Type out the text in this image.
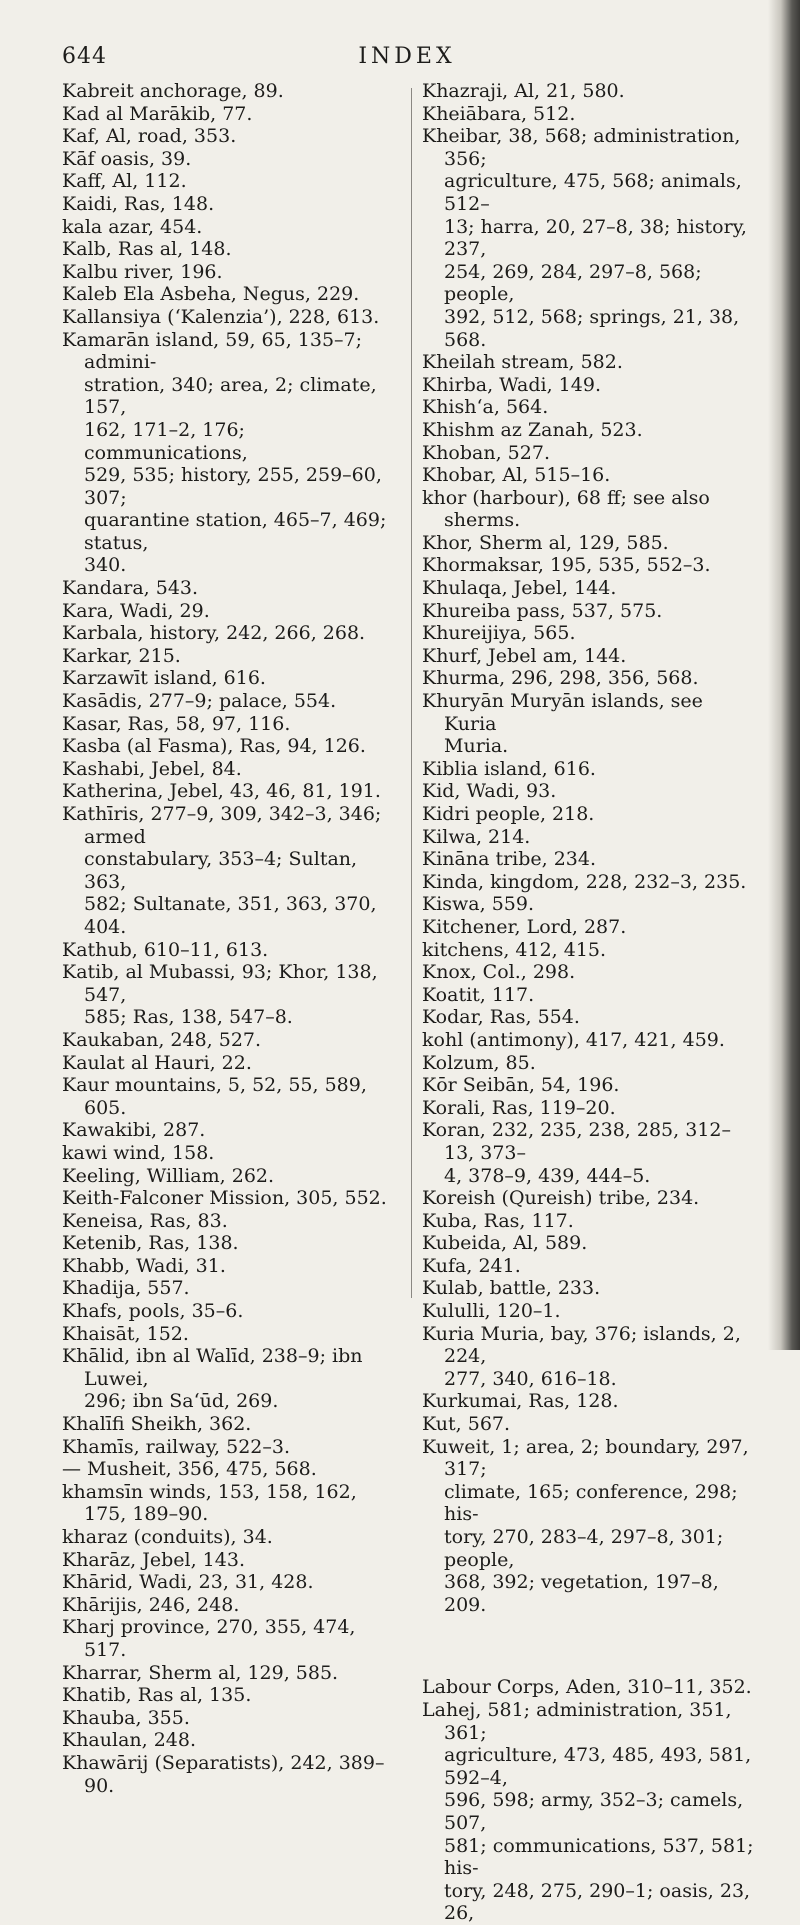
644	INDEX

Kabreit anchorage, 89.

Kad al Marākib, 77.

Kaf, Al, road, 353.

Kāf oasis, 39.

Kaff, Al, 112.

Kaidi, Ras, 148.

kala azar, 454.

Kalb, Ras al, 148.

Kalbu river, 196.

Kaleb Ela Asbeha, Negus, 229.

Kallansiya (‘Kalenzia’), 228, 613.

Kamarān island, 59, 65, 135–7; admini-
stration, 340; area, 2; climate, 157,
162, 171–2, 176; communications,
529, 535; history, 255, 259–60, 307;
quarantine station, 465–7, 469; status,
340.

Kandara, 543.

Kara, Wadi, 29.

Karbala, history, 242, 266, 268.

Karkar, 215.

Karzawīt island, 616.

Kasādis, 277–9; palace, 554.

Kasar, Ras, 58, 97, 116.

Kasba (al Fasma), Ras, 94, 126.

Kashabi, Jebel, 84.

Katherina, Jebel, 43, 46, 81, 191.

Kathīris, 277–9, 309, 342–3, 346; armed
constabulary, 353–4; Sultan, 363,
582; Sultanate, 351, 363, 370, 404.

Kathub, 610–11, 613.

Katib, al Mubassi, 93; Khor, 138, 547,
585; Ras, 138, 547–8.

Kaukaban, 248, 527.

Kaulat al Hauri, 22.

Kaur mountains, 5, 52, 55, 589, 605.

Kawakibi, 287.

kawi wind, 158.

Keeling, William, 262.

Keith-Falconer Mission, 305, 552.

Keneisa, Ras, 83.

Ketenib, Ras, 138.

Khabb, Wadi, 31.

Khadija, 557.

Khafs, pools, 35–6.

Khaisāt, 152.

Khālid, ibn al Walīd, 238–9; ibn Luwei,
296; ibn Sa‘ūd, 269.

Khalīfi Sheikh, 362.

Khamīs, railway, 522–3.

— Musheit, 356, 475, 568.

khamsīn winds, 153, 158, 162, 175, 189–90.

kharaz (conduits), 34.

Kharāz, Jebel, 143.

Khārid, Wadi, 23, 31, 428.

Khārijis, 246, 248.

Kharj province, 270, 355, 474, 517.

Kharrar, Sherm al, 129, 585.

Khatib, Ras al, 135.

Khauba, 355.

Khaulan, 248.

Khawārij (Separatists), 242, 389–90.

Khazraji, Al, 21, 580.

Kheiābara, 512.

Kheibar, 38, 568; administration, 356;
agriculture, 475, 568; animals, 512–
13; harra, 20, 27–8, 38; history, 237,
254, 269, 284, 297–8, 568; people,
392, 512, 568; springs, 21, 38, 568.

Kheilah stream, 582.

Khirba, Wadi, 149.

Khish‘a, 564.

Khishm az Zanah, 523.

Khoban, 527.

Khobar, Al, 515–16.

khor (harbour), 68 ff; see also sherms.

Khor, Sherm al, 129, 585.

Khormaksar, 195, 535, 552–3.

Khulaqa, Jebel, 144.

Khureiba pass, 537, 575.

Khureijiya, 565.

Khurf, Jebel am, 144.

Khurma, 296, 298, 356, 568.

Khuryān Muryān islands, see Kuria
Muria.

Kiblia island, 616.

Kid, Wadi, 93.

Kidri people, 218.

Kilwa, 214.

Kināna tribe, 234.

Kinda, kingdom, 228, 232–3, 235.

Kiswa, 559.

Kitchener, Lord, 287.

kitchens, 412, 415.

Knox, Col., 298.

Koatit, 117.

Kodar, Ras, 554.

kohl (antimony), 417, 421, 459.

Kolzum, 85.

Kōr Seibān, 54, 196.

Korali, Ras, 119–20.

Koran, 232, 235, 238, 285, 312–13, 373–
4, 378–9, 439, 444–5.

Koreish (Qureish) tribe, 234.

Kuba, Ras, 117.

Kubeida, Al, 589.

Kufa, 241.

Kulab, battle, 233.

Kululli, 120–1.

Kuria Muria, bay, 376; islands, 2, 224,
277, 340, 616–18.

Kurkumai, Ras, 128.

Kut, 567.

Kuweit, 1; area, 2; boundary, 297, 317;
climate, 165; conference, 298; his-
tory, 270, 283–4, 297–8, 301; people,
368, 392; vegetation, 197–8, 209.

Labour Corps, Aden, 310–11, 352.

Lahej, 581; administration, 351, 361;
agriculture, 473, 485, 493, 581, 592–4,
596, 598; army, 352–3; camels, 507,
581; communications, 537, 581; his-
tory, 248, 275, 290–1; oasis, 23, 26,
